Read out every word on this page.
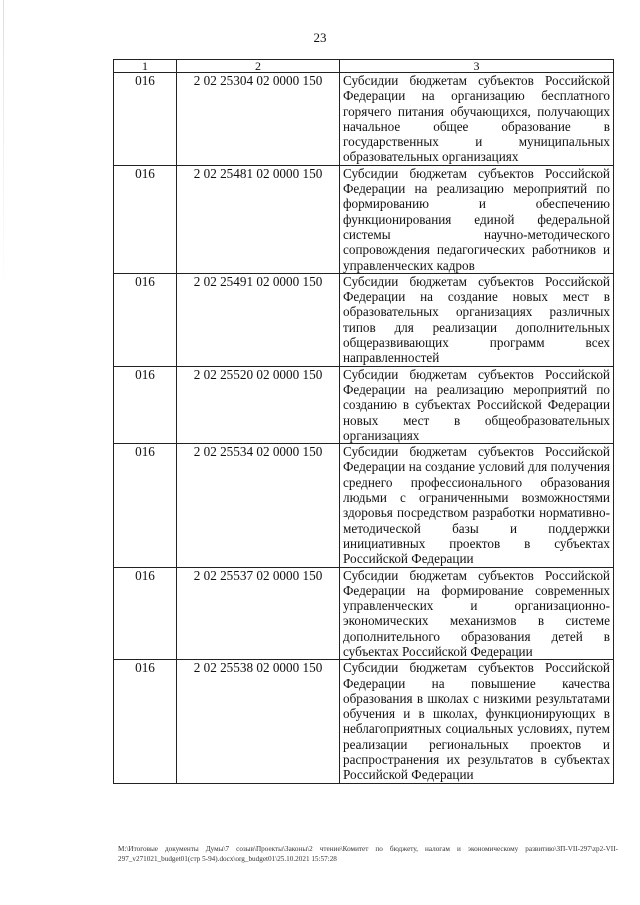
23
1	2	3
016	2 02 25304 02 0000 150	Субсидии бюджетам субъектов Российской Федерации на организацию бесплатного горячего питания обучающихся, получающих начальное общее образование в государственных и муниципальных образовательных организациях
016	2 02 25481 02 0000 150	Субсидии бюджетам субъектов Российской Федерации на реализацию мероприятий по формированию и обеспечению функционирования единой федеральной системы научно-методического сопровождения педагогических работников и управленческих кадров
016	2 02 25491 02 0000 150	Субсидии бюджетам субъектов Российской Федерации на создание новых мест в образовательных организациях различных типов для реализации дополнительных общеразвивающих программ всех направленностей
016	2 02 25520 02 0000 150	Субсидии бюджетам субъектов Российской Федерации на реализацию мероприятий по созданию в субъектах Российской Федерации новых мест в общеобразовательных организациях
016	2 02 25534 02 0000 150	Субсидии бюджетам субъектов Российской Федерации на создание условий для получения среднего профессионального образования людьми с ограниченными возможностями здоровья посредством разработки нормативно-методической базы и поддержки инициативных проектов в субъектах Российской Федерации
016	2 02 25537 02 0000 150	Субсидии бюджетам субъектов Российской Федерации на формирование современных управленческих и организационно-экономических механизмов в системе дополнительного образования детей в субъектах Российской Федерации
016	2 02 25538 02 0000 150	Субсидии бюджетам субъектов Российской Федерации на повышение качества образования в школах с низкими результатами обучения и в школах, функционирующих в неблагоприятных социальных условиях, путем реализации региональных проектов и распространения их результатов в субъектах Российской Федерации
M:\Итоговые документы Думы\7 созыв\Проекты\Законы\2 чтение\Комитет по бюджету, налогам и экономическому развитию\ЗП-VII-297\zp2-VII-297_v271021_budget01(стр 5-94).docx\org_budget01\25.10.2021 15:57:28
